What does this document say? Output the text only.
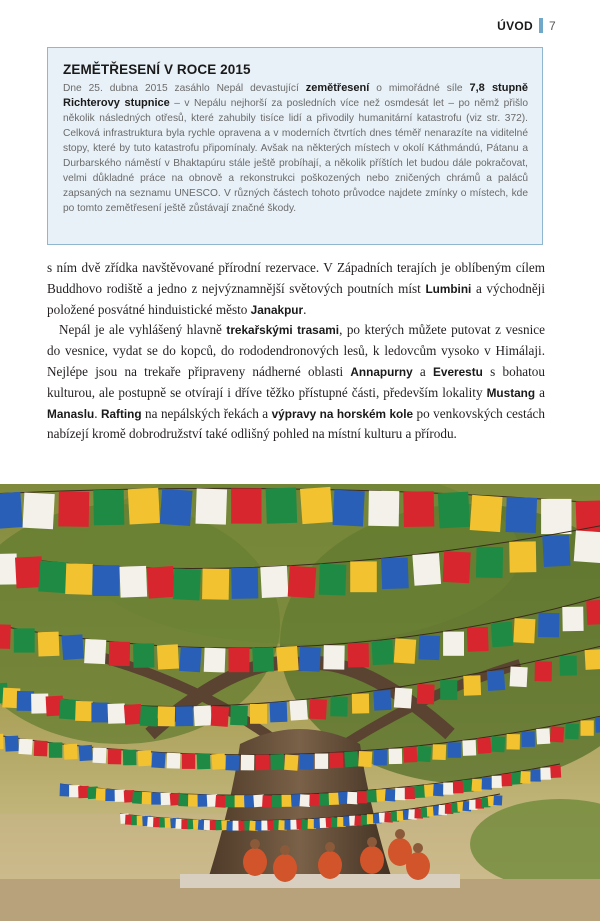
ÚVOD 7
ZEMĚTŘESENÍ V ROCE 2015

Dne 25. dubna 2015 zasáhlo Nepál devastující zemětřesení o mimořádné síle 7,8 stupně Richterovy stupnice – v Nepálu nejhorší za posledních více než osmdesát let – po němž přišlo několik následných otřesů, které zahubily tisíce lidí a přivodily humanitární katastrofu (viz str. 372). Celková infrastruktura byla rychle opravena a v moderních čtvrtích dnes téměř nenarazíte na viditelné stopy, které by tuto katastrofu připomínaly. Avšak na některých místech v okolí Káthmándú, Pátanu a Durbarského náměstí v Bhaktapúru stále ještě probíhají, a několik příštích let budou dále pokračovat, velmi důkladné práce na obnově a rekonstrukci poškozených nebo zničených chrámů a paláců zapsaných na seznamu UNESCO. V různých částech tohoto průvodce najdete zmínky o místech, kde po tomto zemětřesení ještě zůstávají značné škody.

s ním dvě zřídka navštěvované přírodní rezervace. V Západních terajích je oblíbeným cílem Buddhovo rodiště a jedno z nejvýznamnější světových poutních míst Lumbini a východněji položené posvátné hinduistické město Janakpur.

Nepál je ale vyhlášený hlavně trekařskými trasami, po kterých můžete putovat z vesnice do vesnice, vydat se do kopců, do rododendronových lesů, k ledovcům vysoko v Himálaji. Nejlépe jsou na trekaře připraveny nádherné oblasti Annapurny a Everestu s bohatou kulturou, ale postupně se otvírají i dříve těžko přístupné části, především lokality Mustang a Manaslu. Rafting na nepálských řekách a výpravy na horském kole po venkovských cestách nabízejí kromě dobrodružství také odlišný pohled na místní kulturu a přírodu.
